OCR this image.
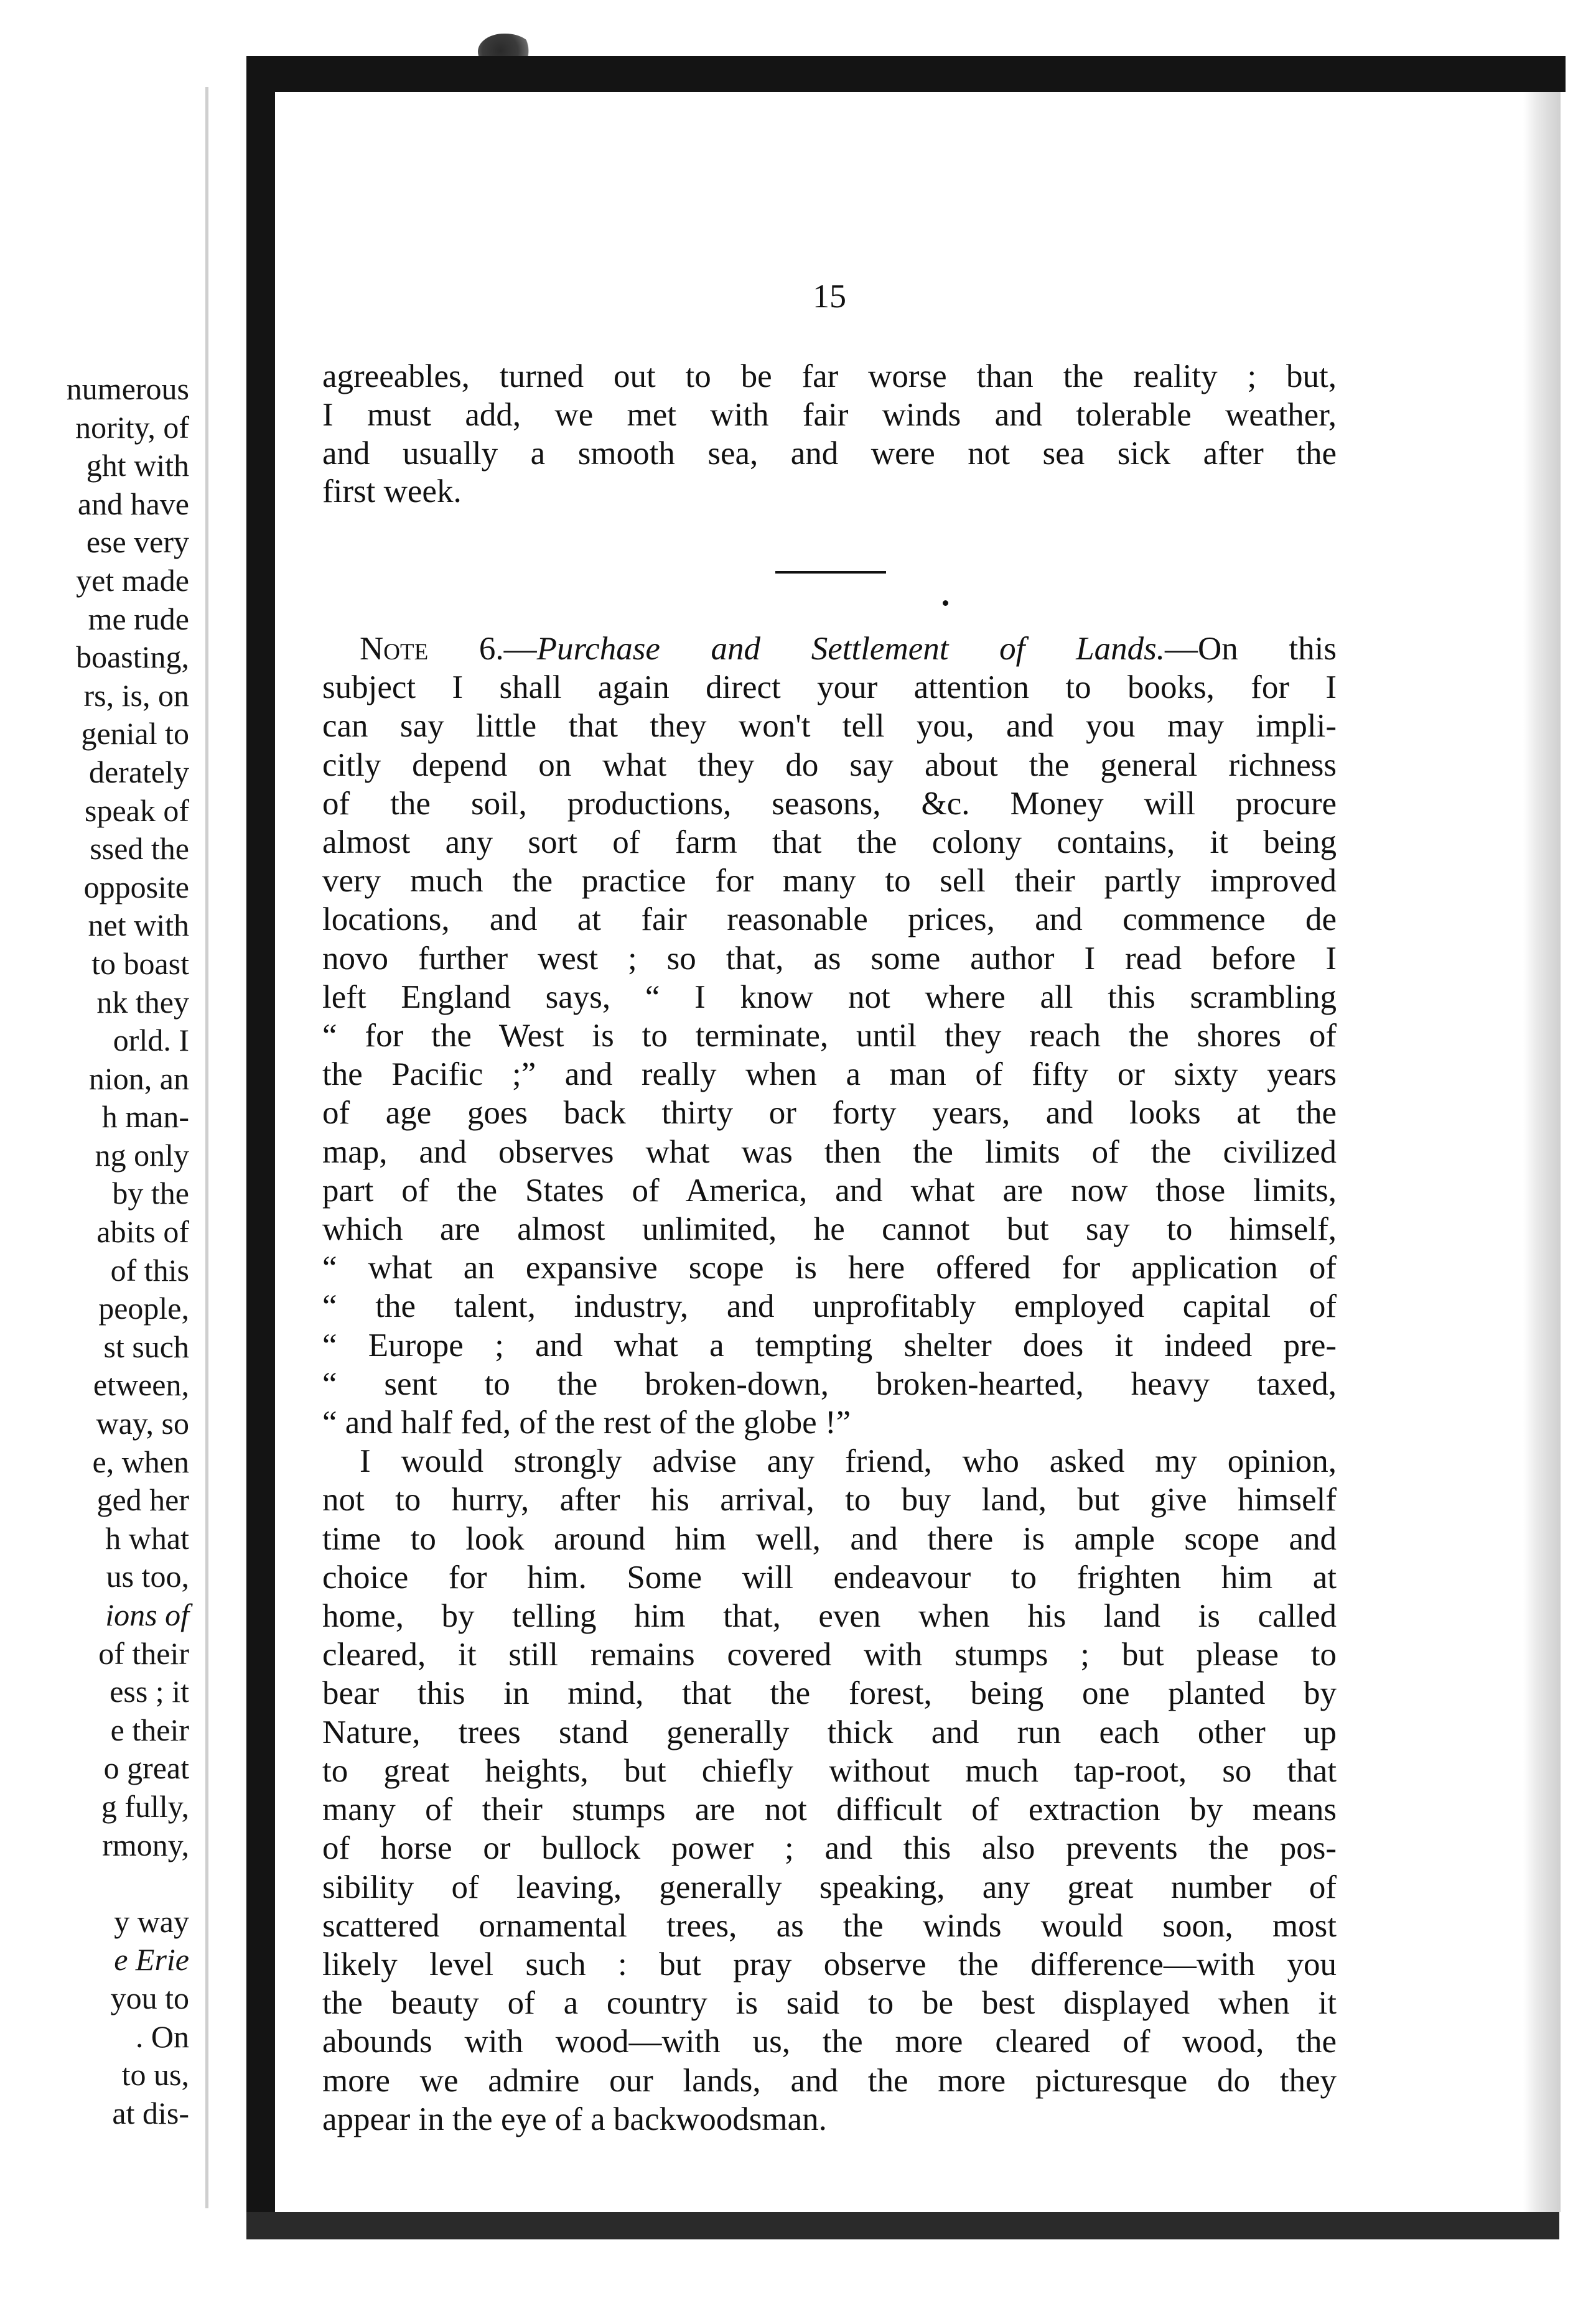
numerous
nority, of
ght with
and have
ese very
yet made
me rude
boasting,
rs, is, on
genial to
derately
speak of
ssed the
opposite
net with
to boast
nk they
orld. I
nion, an
h man-
ng only
by the
abits of
of this
people,
st such
etween,
way, so
e, when
ged her
h what
us too,
ions of
of their
ess ; it
e their
o great
g fully,
rmony,
y way
e Erie
you to
. On
to us,
at dis-
15
agreeables, turned out to be far worse than the reality ; but,
I must add, we met with fair winds and tolerable weather,
and usually a smooth sea, and were not sea sick after the
first week.
Note 6.—Purchase and Settlement of Lands.—On this
subject I shall again direct your attention to books, for I
can say little that they won't tell you, and you may impli-
citly depend on what they do say about the general richness
of the soil, productions, seasons, &c. Money will procure
almost any sort of farm that the colony contains, it being
very much the practice for many to sell their partly improved
locations, and at fair reasonable prices, and commence de
novo further west ; so that, as some author I read before I
left England says, “ I know not where all this scrambling
“ for the West is to terminate, until they reach the shores of
the Pacific ;” and really when a man of fifty or sixty years
of age goes back thirty or forty years, and looks at the
map, and observes what was then the limits of the civilized
part of the States of America, and what are now those limits,
which are almost unlimited, he cannot but say to himself,
“ what an expansive scope is here offered for application of
“ the talent, industry, and unprofitably employed capital of
“ Europe ; and what a tempting shelter does it indeed pre-
“ sent to the broken-down, broken-hearted, heavy taxed,
“ and half fed, of the rest of the globe !”
I would strongly advise any friend, who asked my opinion,
not to hurry, after his arrival, to buy land, but give himself
time to look around him well, and there is ample scope and
choice for him. Some will endeavour to frighten him at
home, by telling him that, even when his land is called
cleared, it still remains covered with stumps ; but please to
bear this in mind, that the forest, being one planted by
Nature, trees stand generally thick and run each other up
to great heights, but chiefly without much tap-root, so that
many of their stumps are not difficult of extraction by means
of horse or bullock power ; and this also prevents the pos-
sibility of leaving, generally speaking, any great number of
scattered ornamental trees, as the winds would soon, most
likely level such : but pray observe the difference—with you
the beauty of a country is said to be best displayed when it
abounds with wood—with us, the more cleared of wood, the
more we admire our lands, and the more picturesque do they
appear in the eye of a backwoodsman.
